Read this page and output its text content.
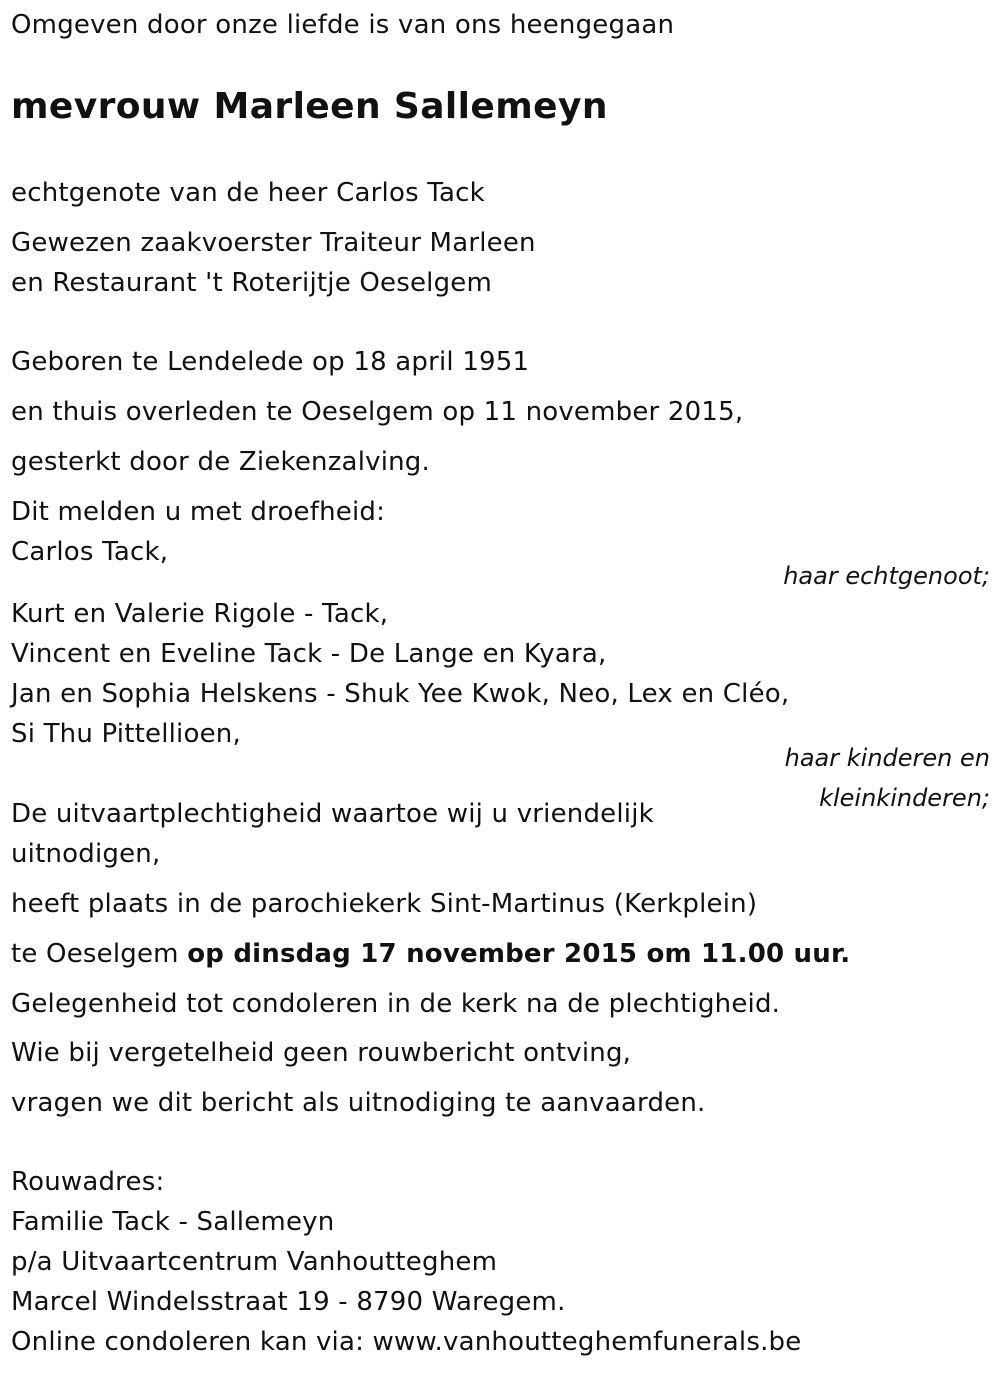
Omgeven door onze liefde is van ons heengegaan
mevrouw Marleen Sallemeyn
echtgenote van de heer Carlos Tack
Gewezen zaakvoerster Traiteur Marleen
en Restaurant 't Roterijtje Oeselgem
Geboren te Lendelede op 18 april 1951
en thuis overleden te Oeselgem op 11 november 2015,
gesterkt door de Ziekenzalving.
Dit melden u met droefheid:
Carlos Tack,
haar echtgenoot;
Kurt en Valerie Rigole - Tack,
Vincent en Eveline Tack - De Lange en Kyara,
Jan en Sophia Helskens - Shuk Yee Kwok, Neo, Lex en Cléo,
Si Thu Pittellioen,
haar kinderen en
kleinkinderen;
De uitvaartplechtigheid waartoe wij u vriendelijk
uitnodigen,
heeft plaats in de parochiekerk Sint-Martinus (Kerkplein)
te Oeselgem op dinsdag 17 november 2015 om 11.00 uur.
Gelegenheid tot condoleren in de kerk na de plechtigheid.
Wie bij vergetelheid geen rouwbericht ontving,
vragen we dit bericht als uitnodiging te aanvaarden.
Rouwadres:
Familie Tack - Sallemeyn
p/a Uitvaartcentrum Vanhoutteghem
Marcel Windelsstraat 19 - 8790 Waregem.
Online condoleren kan via: www.vanhoutteghemfunerals.be
